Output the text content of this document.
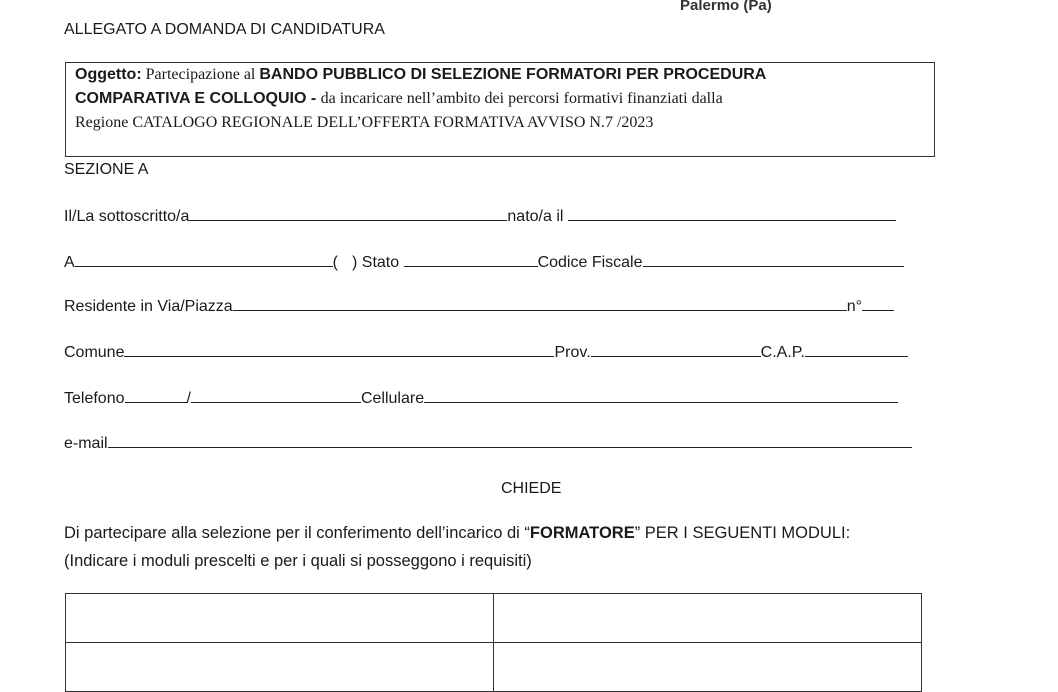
Palermo (Pa)
ALLEGATO A DOMANDA DI CANDIDATURA
Oggetto: Partecipazione al BANDO PUBBLICO DI SELEZIONE FORMATORI PER PROCEDURA
COMPARATIVA E COLLOQUIO - da incaricare nell’ambito dei percorsi formativi finanziati dalla
Regione CATALOGO REGIONALE DELL’OFFERTA FORMATIVA AVVISO N.7 /2023
SEZIONE A
Il/La sottoscritto/a	nato/a il
A	( ) Stato	Codice Fiscale
Residente in Via/Piazza	n°
Comune	Prov.	C.A.P.
Telefono	/	Cellulare
e-mail
CHIEDE
Di partecipare alla selezione per il conferimento dell’incarico di “FORMATORE” PER I SEGUENTI MODULI:
(Indicare i moduli prescelti e per i quali si posseggono i requisiti)
